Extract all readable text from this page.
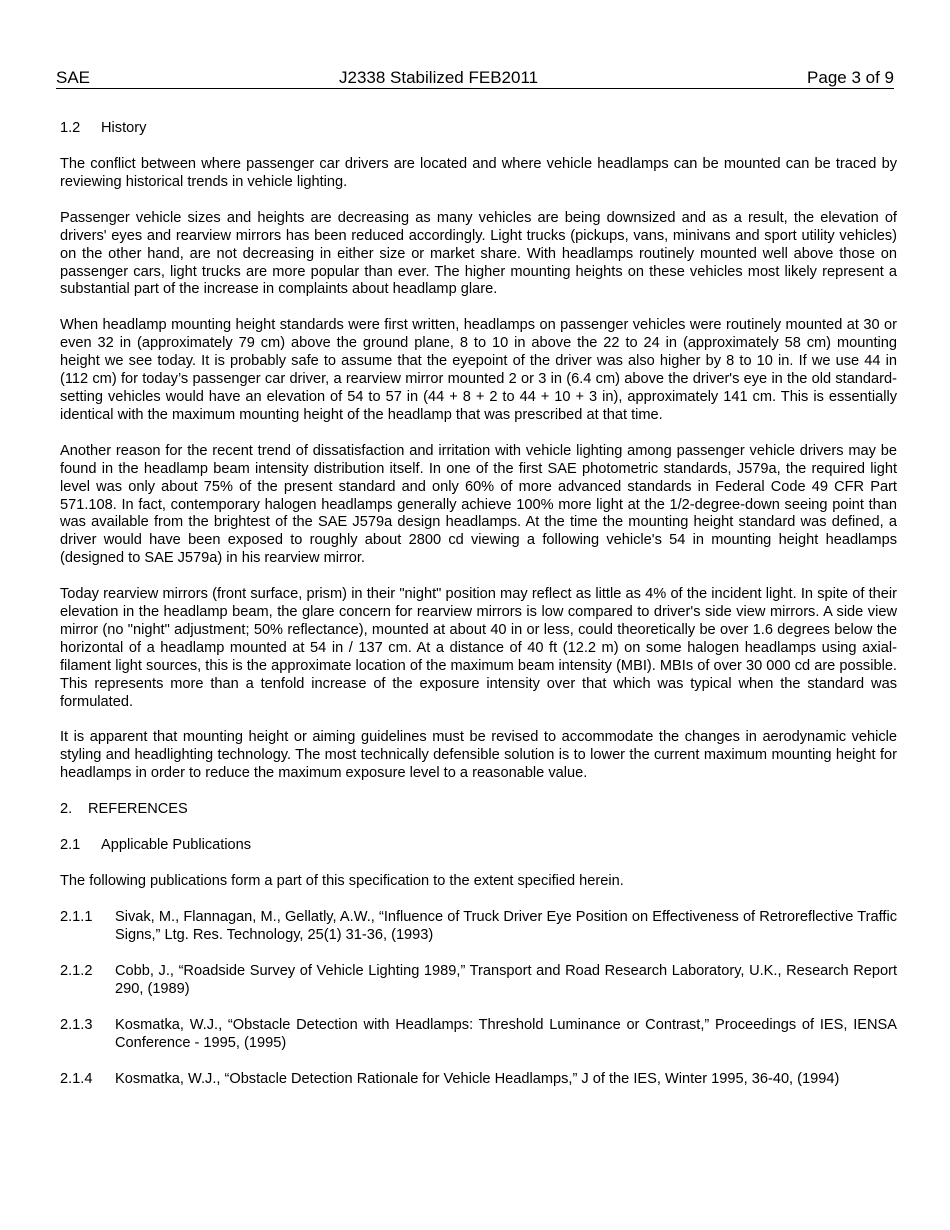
SAE	J2338 Stabilized FEB2011	Page 3 of 9
1.2 History

The conflict between where passenger car drivers are located and where vehicle headlamps can be mounted can be traced by reviewing historical trends in vehicle lighting.

Passenger vehicle sizes and heights are decreasing as many vehicles are being downsized and as a result, the elevation of drivers' eyes and rearview mirrors has been reduced accordingly. Light trucks (pickups, vans, minivans and sport utility vehicles) on the other hand, are not decreasing in either size or market share. With headlamps routinely mounted well above those on passenger cars, light trucks are more popular than ever. The higher mounting heights on these vehicles most likely represent a substantial part of the increase in complaints about headlamp glare.

When headlamp mounting height standards were first written, headlamps on passenger vehicles were routinely mounted at 30 or even 32 in (approximately 79 cm) above the ground plane, 8 to 10 in above the 22 to 24 in (approximately 58 cm) mounting height we see today. It is probably safe to assume that the eyepoint of the driver was also higher by 8 to 10 in. If we use 44 in (112 cm) for today’s passenger car driver, a rearview mirror mounted 2 or 3 in (6.4 cm) above the driver's eye in the old standard-setting vehicles would have an elevation of 54 to 57 in (44 + 8 + 2 to 44 + 10 + 3 in), approximately 141 cm. This is essentially identical with the maximum mounting height of the headlamp that was prescribed at that time.

Another reason for the recent trend of dissatisfaction and irritation with vehicle lighting among passenger vehicle drivers may be found in the headlamp beam intensity distribution itself. In one of the first SAE photometric standards, J579a, the required light level was only about 75% of the present standard and only 60% of more advanced standards in Federal Code 49 CFR Part 571.108. In fact, contemporary halogen headlamps generally achieve 100% more light at the 1/2-degree-down seeing point than was available from the brightest of the SAE J579a design headlamps. At the time the mounting height standard was defined, a driver would have been exposed to roughly about 2800 cd viewing a following vehicle's 54 in mounting height headlamps (designed to SAE J579a) in his rearview mirror.

Today rearview mirrors (front surface, prism) in their "night" position may reflect as little as 4% of the incident light. In spite of their elevation in the headlamp beam, the glare concern for rearview mirrors is low compared to driver's side view mirrors. A side view mirror (no "night" adjustment; 50% reflectance), mounted at about 40 in or less, could theoretically be over 1.6 degrees below the horizontal of a headlamp mounted at 54 in / 137 cm. At a distance of 40 ft (12.2 m) on some halogen headlamps using axial-filament light sources, this is the approximate location of the maximum beam intensity (MBI). MBIs of over 30 000 cd are possible. This represents more than a tenfold increase of the exposure intensity over that which was typical when the standard was formulated.

It is apparent that mounting height or aiming guidelines must be revised to accommodate the changes in aerodynamic vehicle styling and headlighting technology. The most technically defensible solution is to lower the current maximum mounting height for headlamps in order to reduce the maximum exposure level to a reasonable value.

2. REFERENCES
2.1 Applicable Publications

The following publications form a part of this specification to the extent specified herein.

2.1.1	Sivak, M., Flannagan, M., Gellatly, A.W., “Influence of Truck Driver Eye Position on Effectiveness of Retroreflective Traffic Signs,” Ltg. Res. Technology, 25(1) 31-36, (1993)
2.1.2	Cobb, J., “Roadside Survey of Vehicle Lighting 1989,” Transport and Road Research Laboratory, U.K., Research Report 290, (1989)
2.1.3	Kosmatka, W.J., “Obstacle Detection with Headlamps: Threshold Luminance or Contrast,” Proceedings of IES, IENSA Conference - 1995, (1995)
2.1.4	Kosmatka, W.J., “Obstacle Detection Rationale for Vehicle Headlamps,” J of the IES, Winter 1995, 36-40, (1994)
